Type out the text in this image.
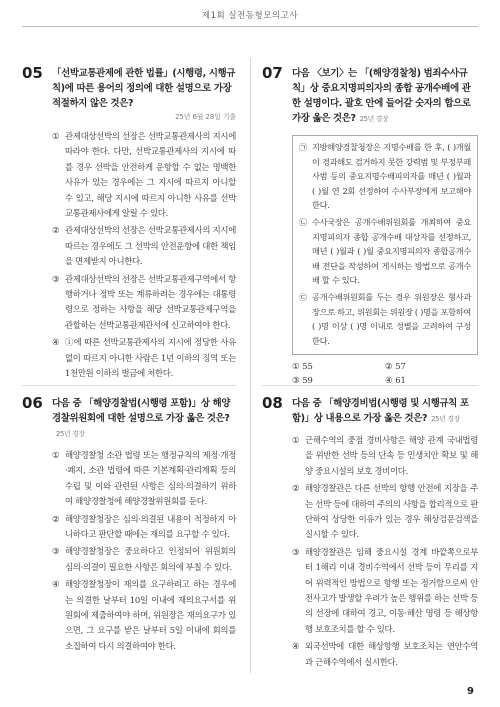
제1회 실전동형모의고사
05 「선박교통관제에 관한 법률」(시행령, 시행규칙)에 따른 용어의 정의에 대한 설명으로 가장 적절하지 않은 것은?
25년 6월 28일 기출
① 관제대상선박의 선장은 선박교통관제사의 지시에 따라야 한다. 다만, 선박교통관제사의 지시에 따를 경우 선박을 안전하게 운항할 수 없는 명백한 사유가 있는 경우에는 그 지시에 따르지 아니할 수 있고, 해당 지시에 따르지 아니한 사유를 선박교통관제사에게 알릴 수 있다.
② 관제대상선박의 선장은 선박교통관제사의 지시에 따르는 경우에도 그 선박의 안전운항에 대한 책임을 면제받지 아니한다.
③ 관제대상선박의 선장은 선박교통관제구역에서 항행하거나 정박 또는 계류하려는 경우에는 대통령령으로 정하는 사항을 해당 선박교통관제구역을 관할하는 선박교통관제관서에 신고하여야 한다.
④ ①에 따른 선박교통관제사의 지시에 정당한 사유 없이 따르지 아니한 사람은 1년 이하의 징역 또는 1천만원 이하의 벌금에 처한다.
07 다음 〈보기〉는 「(해양경찰청) 범죄수사규칙」상 중요지명피의자의 종합 공개수배에 관한 설명이다. 괄호 안에 들어갈 숫자의 합으로 가장 옳은 것은? 25년 경장
㉠ 지방해양경찰청장은 지명수배를 한 후, ( )개월이 경과해도 검거하지 못한 강력범 및 부정부패 사범 등의 중요지명수배피의자를 매년 ( )월과 ( )월 연 2회 선정하여 수사부장에게 보고해야 한다.
㉡ 수사국장은 공개수배위원회를 개최하여 중요지명피의자 종합 공개수배 대상자를 선정하고, 매년 ( )월과 ( )월 중요지명피의자 종합공개수배 전단을 작성하여 게시하는 방법으로 공개수배 할 수 있다.
㉢ 공개수배위원회를 두는 경우 위원장은 형사과장으로 하고, 위원회는 위원장 ( )명을 포함하여 ( )명 이상 ( )명 이내로 성별을 고려하여 구성한다.
① 55	② 57
③ 59	④ 61
06 다음 중 「해양경찰법(시행령 포함)」상 해양경찰위원회에 대한 설명으로 가장 옳은 것은?25년 경장
① 해양경찰청 소관 법령 또는 행정규칙의 제정·개정·폐지, 소관 법령에 따른 기본계획·관리계획 등의 수립 및 이와 관련된 사항은 심의·의결하기 위하여 해양경찰청에 해양경찰위원회를 둔다.
② 해양경찰청장은 심의·의결된 내용이 적정하지 아니하다고 판단할 때에는 재의를 요구할 수 있다.
③ 해양경찰청장은 중요하다고 인정되어 위원회의 심의·의결이 필요한 사항은 회의에 부칠 수 있다.
④ 해양경찰청장이 재의를 요구하려고 하는 경우에는 의결한 날부터 10일 이내에 재의요구서를 위원회에 제출하여야 하며, 위원장은 재의요구가 있으면, 그 요구를 받은 날부터 5일 이내에 회의를 소집하여 다시 의결하여야 한다.
08 다음 중 「해양경비법(시행령 및 시행규칙 포함)」상 내용으로 가장 옳은 것은? 25년 경장
① 근해수역의 중점 경비사항은 해양 관계 국내법령을 위반한 선박 등의 단속 등 민생치안 확보 및 해양 중요시설의 보호 경비이다.
② 해양경찰관은 다른 선박의 항행 안전에 지장을 주는 선박 등에 대하여 주의의 사항을 합리적으로 판단하여 상당한 이유가 있는 경우 해상검문검색을 실시할 수 있다.
③ 해양경찰관은 임해 중요시설 경계 바깥쪽으로부터 1해리 이내 경비수역에서 선박 등이 무리를 지어 위력적인 방법으로 항행 또는 정거함으로써 안전사고가 발생할 우려가 높은 행위를 하는 선박 등의 선장에 대하여 경고, 이동·해산 명령 등 해상항행 보호조치를 할 수 있다.
④ 외국선박에 대한 해상항행 보호조치는 연안수역과 근해수역에서 실시한다.
9
